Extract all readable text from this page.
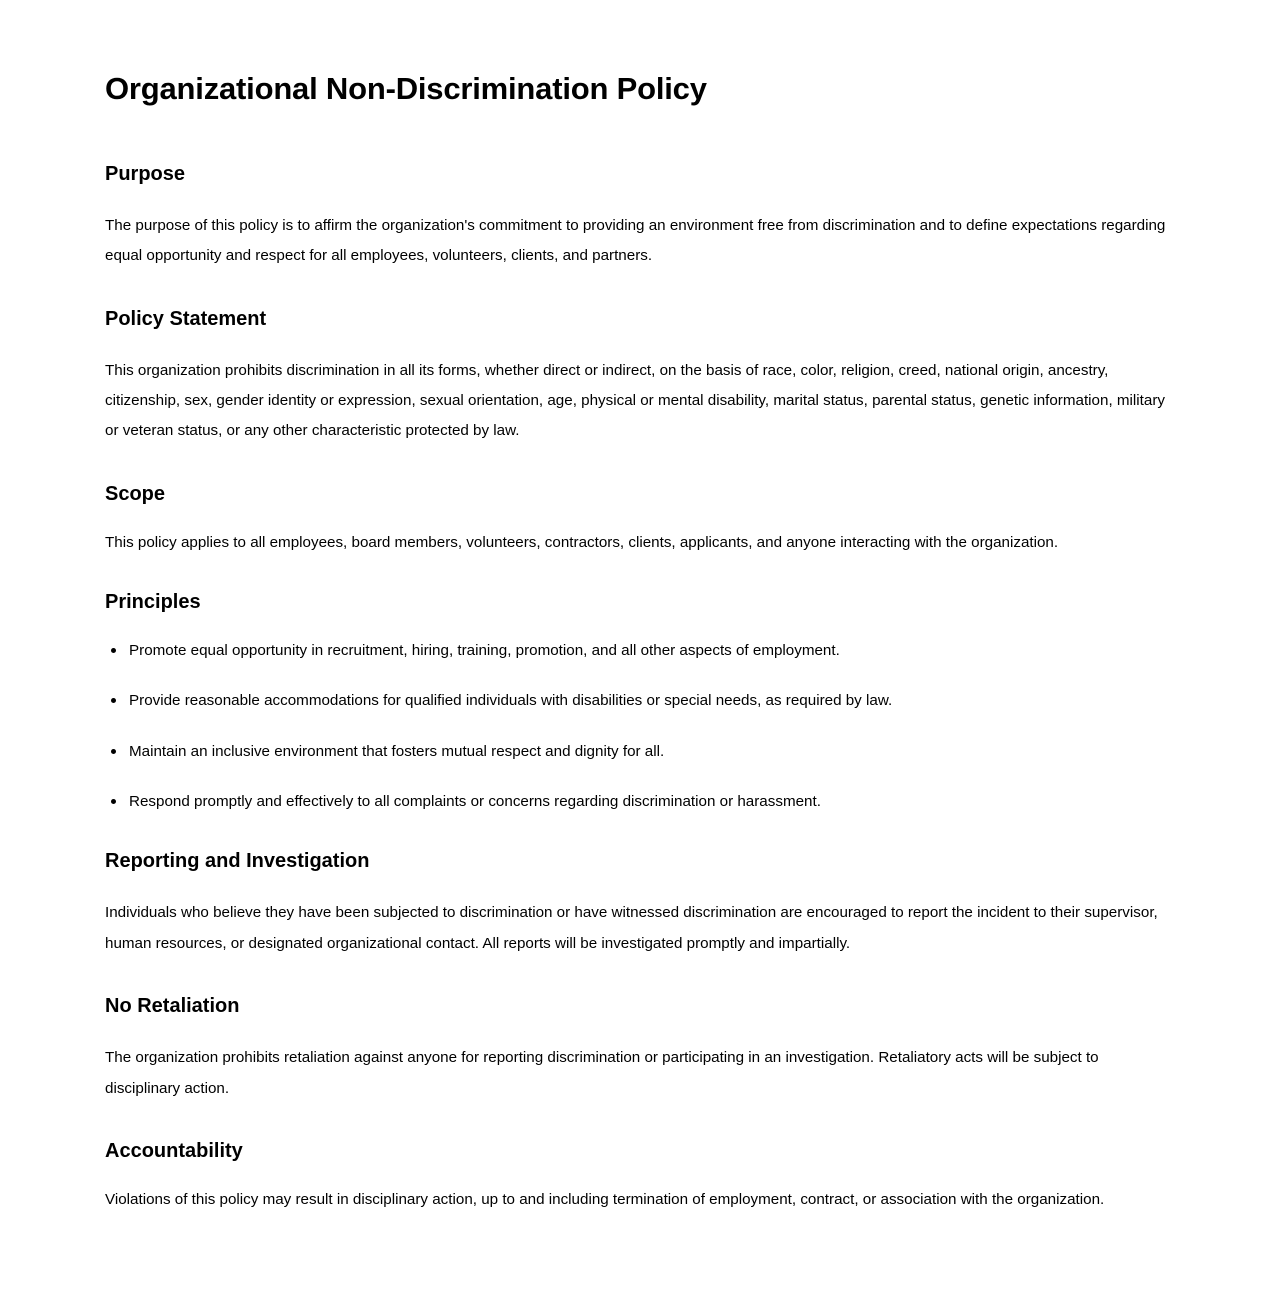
Organizational Non-Discrimination Policy
Purpose

The purpose of this policy is to affirm the organization's commitment to providing an environment free from discrimination and to define expectations regarding equal opportunity and respect for all employees, volunteers, clients, and partners.

Policy Statement

This organization prohibits discrimination in all its forms, whether direct or indirect, on the basis of race, color, religion, creed, national origin, ancestry, citizenship, sex, gender identity or expression, sexual orientation, age, physical or mental disability, marital status, parental status, genetic information, military or veteran status, or any other characteristic protected by law.

Scope

This policy applies to all employees, board members, volunteers, contractors, clients, applicants, and anyone interacting with the organization.

Principles
Promote equal opportunity in recruitment, hiring, training, promotion, and all other aspects of employment.
Provide reasonable accommodations for qualified individuals with disabilities or special needs, as required by law.
Maintain an inclusive environment that fosters mutual respect and dignity for all.
Respond promptly and effectively to all complaints or concerns regarding discrimination or harassment.
Reporting and Investigation

Individuals who believe they have been subjected to discrimination or have witnessed discrimination are encouraged to report the incident to their supervisor, human resources, or designated organizational contact. All reports will be investigated promptly and impartially.

No Retaliation

The organization prohibits retaliation against anyone for reporting discrimination or participating in an investigation. Retaliatory acts will be subject to disciplinary action.

Accountability

Violations of this policy may result in disciplinary action, up to and including termination of employment, contract, or association with the organization.
